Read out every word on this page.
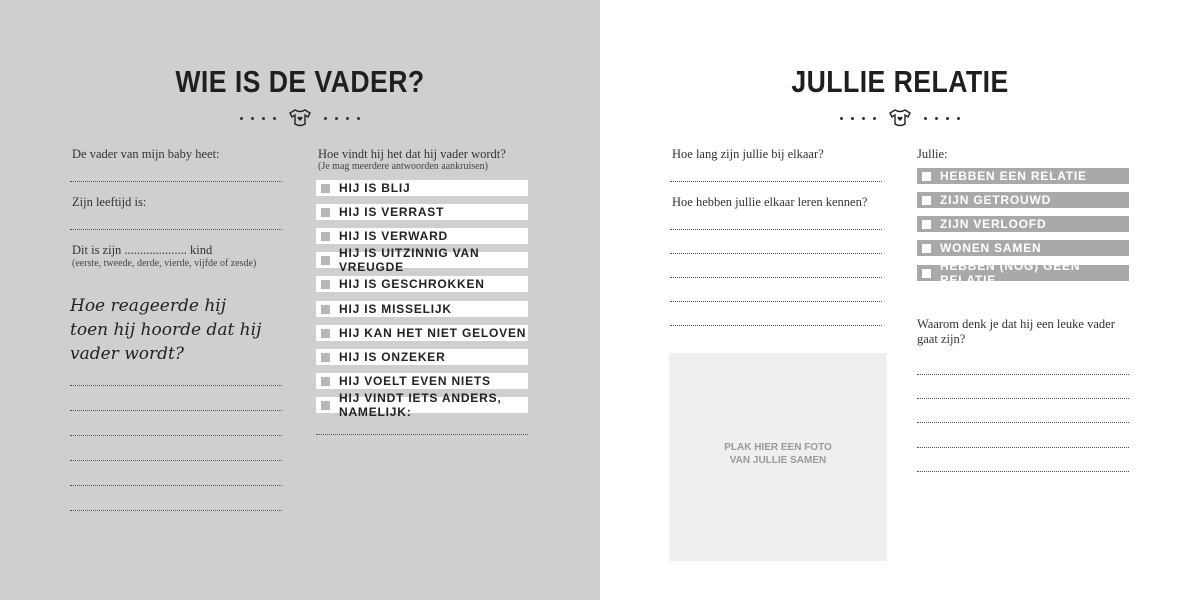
WIE IS DE VADER?
De vader van mijn baby heet:
Zijn leeftijd is:
Dit is zijn .................... kind
(eerste, tweede, derde, vierde, vijfde of zesde)
Hoe reageerde hij
toen hij hoorde dat hij
vader wordt?
Hoe vindt hij het dat hij vader wordt?
(Je mag meerdere antwoorden aankruisen)
HIJ IS BLIJ
HIJ IS VERRAST
HIJ IS VERWARD
HIJ IS UITZINNIG VAN VREUGDE
HIJ IS GESCHROKKEN
HIJ IS MISSELIJK
HIJ KAN HET NIET GELOVEN
HIJ IS ONZEKER
HIJ VOELT EVEN NIETS
HIJ VINDT IETS ANDERS, NAMELIJK:
JULLIE RELATIE
Hoe lang zijn jullie bij elkaar?
Hoe hebben jullie elkaar leren kennen?
Jullie:
Waarom denk je dat hij een leuke vader
gaat zijn?
HEBBEN EEN RELATIE
ZIJN GETROUWD
ZIJN VERLOOFD
WONEN SAMEN
HEBBEN (NOG) GEEN RELATIE
PLAK HIER EEN FOTO
VAN JULLIE SAMEN
